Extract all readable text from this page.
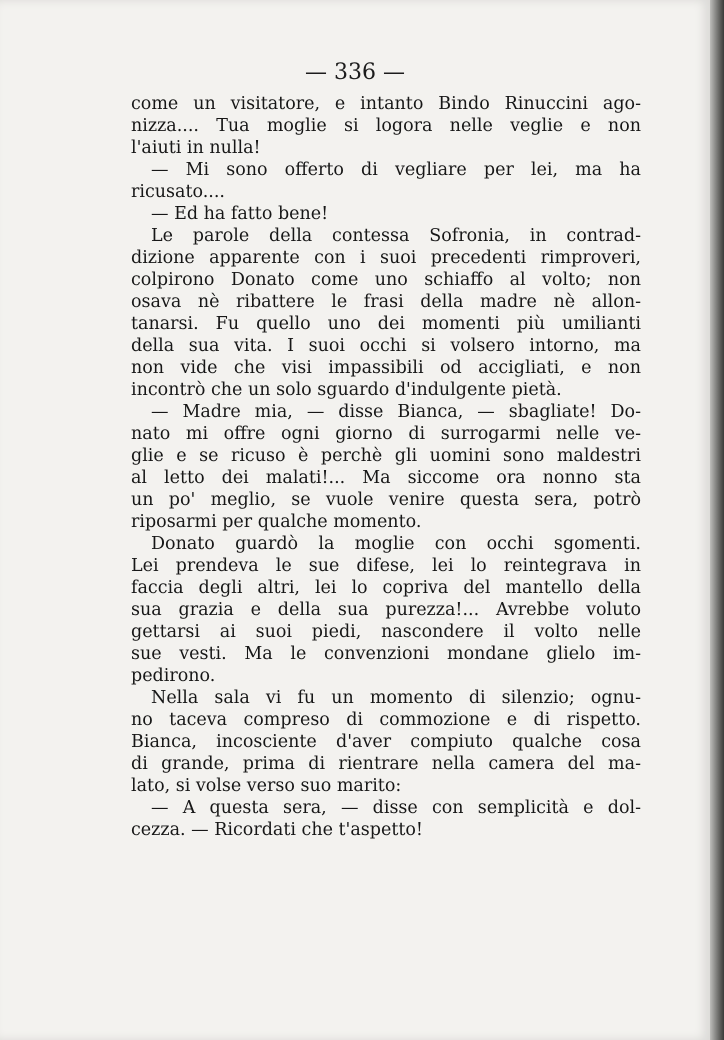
— 336 —
come un visitatore, e intanto Bindo Rinuccini ago-
nizza.... Tua moglie si logora nelle veglie e non
l'aiuti in nulla!
— Mi sono offerto di vegliare per lei, ma ha
ricusato....
— Ed ha fatto bene!
Le parole della contessa Sofronia, in contrad-
dizione apparente con i suoi precedenti rimproveri,
colpirono Donato come uno schiaffo al volto; non
osava nè ribattere le frasi della madre nè allon-
tanarsi. Fu quello uno dei momenti più umilianti
della sua vita. I suoi occhi si volsero intorno, ma
non vide che visi impassibili od accigliati, e non
incontrò che un solo sguardo d'indulgente pietà.
— Madre mia, — disse Bianca, — sbagliate! Do-
nato mi offre ogni giorno di surrogarmi nelle ve-
glie e se ricuso è perchè gli uomini sono maldestri
al letto dei malati!... Ma siccome ora nonno sta
un po' meglio, se vuole venire questa sera, potrò
riposarmi per qualche momento.
Donato guardò la moglie con occhi sgomenti.
Lei prendeva le sue difese, lei lo reintegrava in
faccia degli altri, lei lo copriva del mantello della
sua grazia e della sua purezza!... Avrebbe voluto
gettarsi ai suoi piedi, nascondere il volto nelle
sue vesti. Ma le convenzioni mondane glielo im-
pedirono.
Nella sala vi fu un momento di silenzio; ognu-
no taceva compreso di commozione e di rispetto.
Bianca, incosciente d'aver compiuto qualche cosa
di grande, prima di rientrare nella camera del ma-
lato, si volse verso suo marito:
— A questa sera, — disse con semplicità e dol-
cezza. — Ricordati che t'aspetto!
